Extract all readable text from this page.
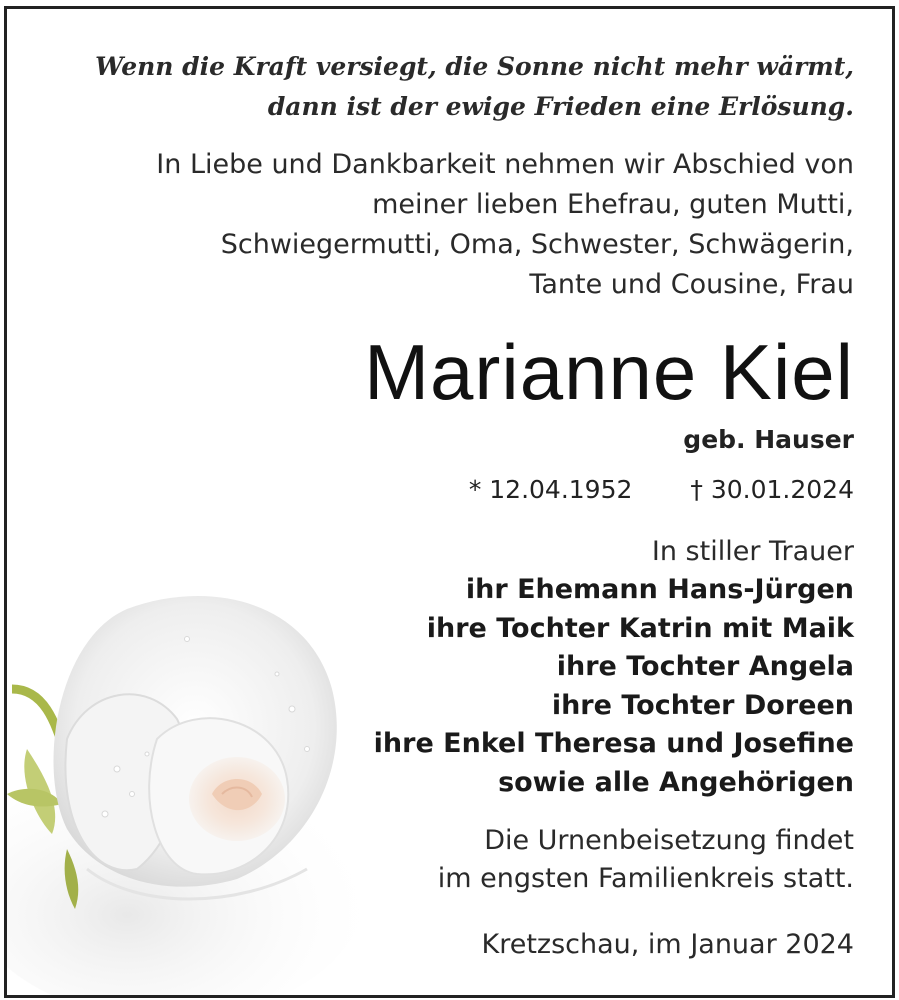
Wenn die Kraft versiegt, die Sonne nicht mehr wärmt,
dann ist der ewige Frieden eine Erlösung.

In Liebe und Dankbarkeit nehmen wir Abschied von
meiner lieben Ehefrau, guten Mutti,
Schwiegermutti, Oma, Schwester, Schwägerin,
Tante und Cousine, Frau

Marianne Kiel

geb. Hauser

* 12.04.1952 † 30.01.2024

In stiller Trauer

ihr Ehemann Hans-Jürgen
ihre Tochter Katrin mit Maik
ihre Tochter Angela
ihre Tochter Doreen
ihre Enkel Theresa und Josefine
sowie alle Angehörigen

Die Urnenbeisetzung findet
im engsten Familienkreis statt.

Kretzschau, im Januar 2024
